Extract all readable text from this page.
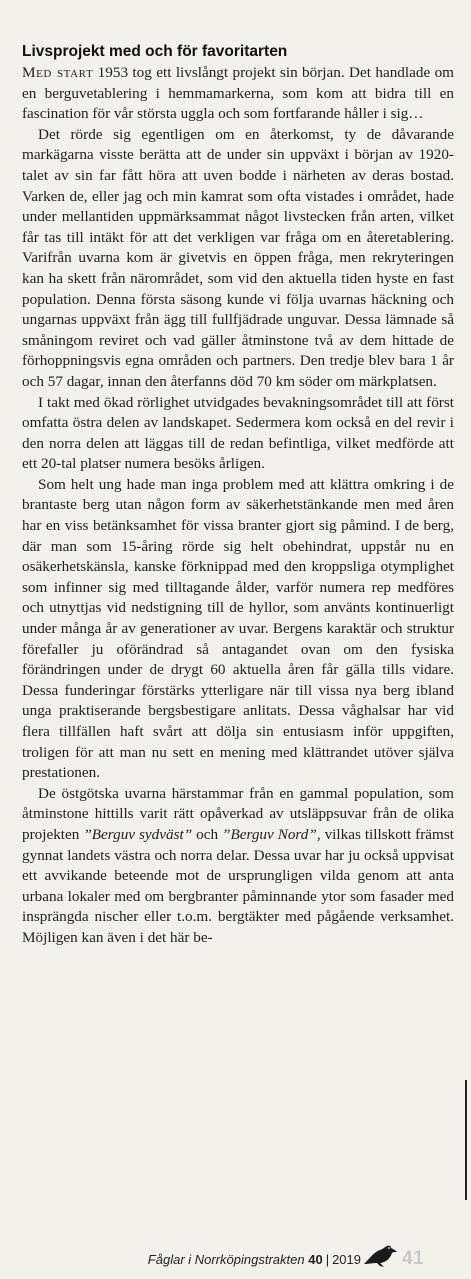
Livsprojekt med och för favoritarten

Med start 1953 tog ett livslångt projekt sin början. Det handlade om en berguvetablering i hemmamarkerna, som kom att bidra till en fascination för vår största uggla och som fortfarande håller i sig…

Det rörde sig egentligen om en återkomst, ty de dåvarande markägarna visste berätta att de under sin uppväxt i början av 1920-talet av sin far fått höra att uven bodde i närheten av deras bostad. Varken de, eller jag och min kamrat som ofta vistades i området, hade under mellantiden uppmärksammat något livstecken från arten, vilket får tas till intäkt för att det verkligen var fråga om en återetablering. Varifrån uvarna kom är givetvis en öppen fråga, men rekryteringen kan ha skett från närområdet, som vid den aktuella tiden hyste en fast population. Denna första säsong kunde vi följa uvarnas häckning och ungarnas uppväxt från ägg till fullfjädrade unguvar. Dessa lämnade så småningom reviret och vad gäller åtminstone två av dem hittade de förhoppningsvis egna områden och partners. Den tredje blev bara 1 år och 57 dagar, innan den återfanns död 70 km söder om märkplatsen.

I takt med ökad rörlighet utvidgades bevakningsområdet till att först omfatta östra delen av landskapet. Sedermera kom också en del revir i den norra delen att läggas till de redan befintliga, vilket medförde att ett 20-tal platser numera besöks årligen.

Som helt ung hade man inga problem med att klättra omkring i de brantaste berg utan någon form av säkerhetstänkande men med åren har en viss betänksamhet för vissa branter gjort sig påmind. I de berg, där man som 15-åring rörde sig helt obehindrat, uppstår nu en osäkerhetskänsla, kanske förknippad med den kroppsliga otymplighet som infinner sig med tilltagande ålder, varför numera rep medföres och utnyttjas vid nedstigning till de hyllor, som använts kontinuerligt under många år av generationer av uvar. Bergens karaktär och struktur förefaller ju oförändrad så antagandet ovan om den fysiska förändringen under de drygt 60 aktuella åren får gälla tills vidare. Dessa funderingar förstärks ytterligare när till vissa nya berg ibland unga praktiserande bergsbestigare anlitats. Dessa våghalsar har vid flera tillfällen haft svårt att dölja sin entusiasm inför uppgiften, troligen för att man nu sett en mening med klättrandet utöver själva prestationen.

De östgötska uvarna härstammar från en gammal population, som åtminstone hittills varit rätt opåverkad av utsläppsuvar från de olika projekten ”Berguv sydväst” och ”Berguv Nord”, vilkas tillskott främst gynnat landets västra och norra delar. Dessa uvar har ju också uppvisat ett avvikande beteende mot de ursprungligen vilda genom att anta urbana lokaler med om bergbranter påminnande ytor som fasader med insprängda nischer eller t.o.m. bergtäkter med pågående verksamhet. Möjligen kan även i det här be-

Fåglar i Norrköpingstrakten 40 | 2019 41
